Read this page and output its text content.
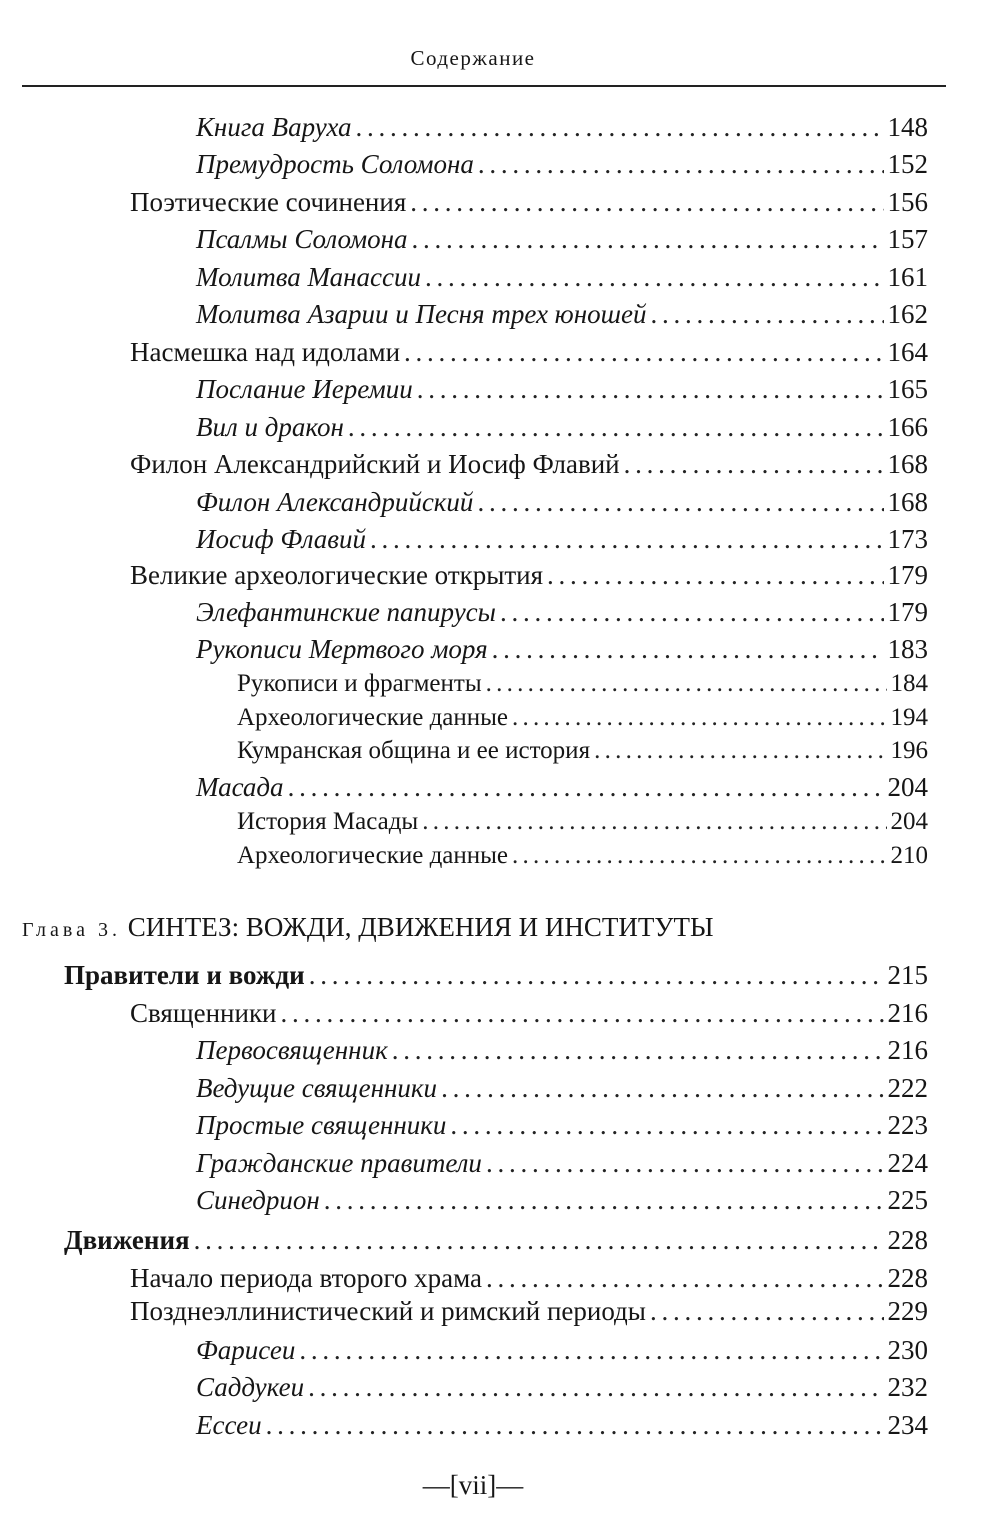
Содержание
Книга Варуха . . .	148
Премудрость Соломона . . .	152
Поэтические сочинения . . .	156
Псалмы Соломона . . .	157
Молитва Манассии . . .	161
Молитва Азарии и Песня трех юношей . . .	162
Насмешка над идолами . . .	164
Послание Иеремии . . .	165
Вил и дракон . . .	166
Филон Александрийский и Иосиф Флавий . . .	168
Филон Александрийский . . .	168
Иосиф Флавий . . .	173
Великие археологические открытия . . .	179
Элефантинские папирусы . . .	179
Рукописи Мертвого моря . . .	183
Рукописи и фрагменты . . .	184
Археологические данные . . .	194
Кумранская община и ее история . . .	196
Масада . . .	204
История Масады . . .	204
Археологические данные . . .	210
Глава 3. СИНТЕЗ: ВОЖДИ, ДВИЖЕНИЯ И ИНСТИТУТЫ
Правители и вожди . . .	215
Священники . . .	216
Первосвященник . . .	216
Ведущие священники . . .	222
Простые священники . . .	223
Гражданские правители . . .	224
Синедрион . . .	225
Движения . . .	228
Начало периода второго храма . . .	228
Позднеэллинистический и римский периоды . . .	229
Фарисеи . . .	230
Саддукеи . . .	232
Ессеи . . .	234
—[vii]—
